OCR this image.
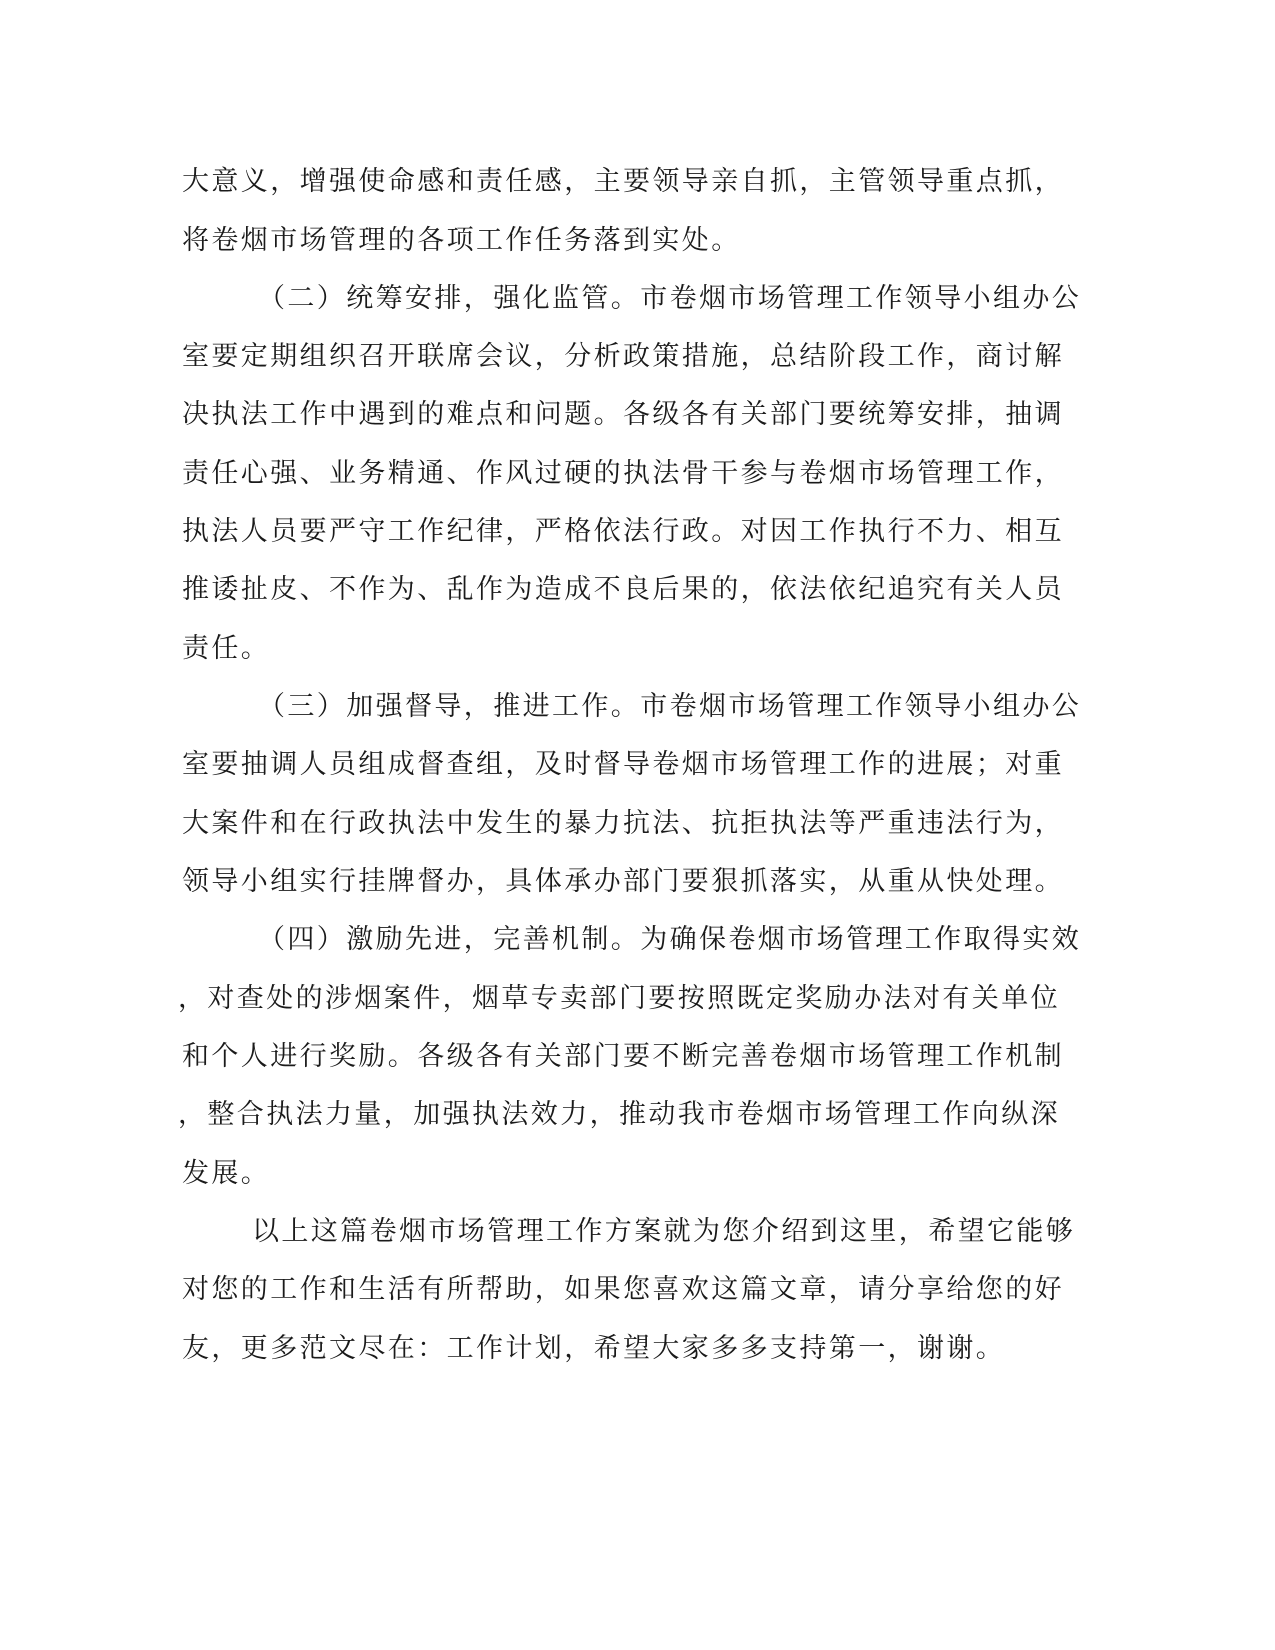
大意义，增强使命感和责任感，主要领导亲自抓，主管领导重点抓，
将卷烟市场管理的各项工作任务落到实处。
（二）统筹安排，强化监管。市卷烟市场管理工作领导小组办公
室要定期组织召开联席会议，分析政策措施，总结阶段工作，商讨解
决执法工作中遇到的难点和问题。各级各有关部门要统筹安排，抽调
责任心强、业务精通、作风过硬的执法骨干参与卷烟市场管理工作，
执法人员要严守工作纪律，严格依法行政。对因工作执行不力、相互
推诿扯皮、不作为、乱作为造成不良后果的，依法依纪追究有关人员
责任。
（三）加强督导，推进工作。市卷烟市场管理工作领导小组办公
室要抽调人员组成督查组，及时督导卷烟市场管理工作的进展；对重
大案件和在行政执法中发生的暴力抗法、抗拒执法等严重违法行为，
领导小组实行挂牌督办，具体承办部门要狠抓落实，从重从快处理。
（四）激励先进，完善机制。为确保卷烟市场管理工作取得实效
，对查处的涉烟案件，烟草专卖部门要按照既定奖励办法对有关单位
和个人进行奖励。各级各有关部门要不断完善卷烟市场管理工作机制
，整合执法力量，加强执法效力，推动我市卷烟市场管理工作向纵深
发展。
以上这篇卷烟市场管理工作方案就为您介绍到这里，希望它能够
对您的工作和生活有所帮助，如果您喜欢这篇文章，请分享给您的好
友，更多范文尽在：工作计划，希望大家多多支持第一，谢谢。
